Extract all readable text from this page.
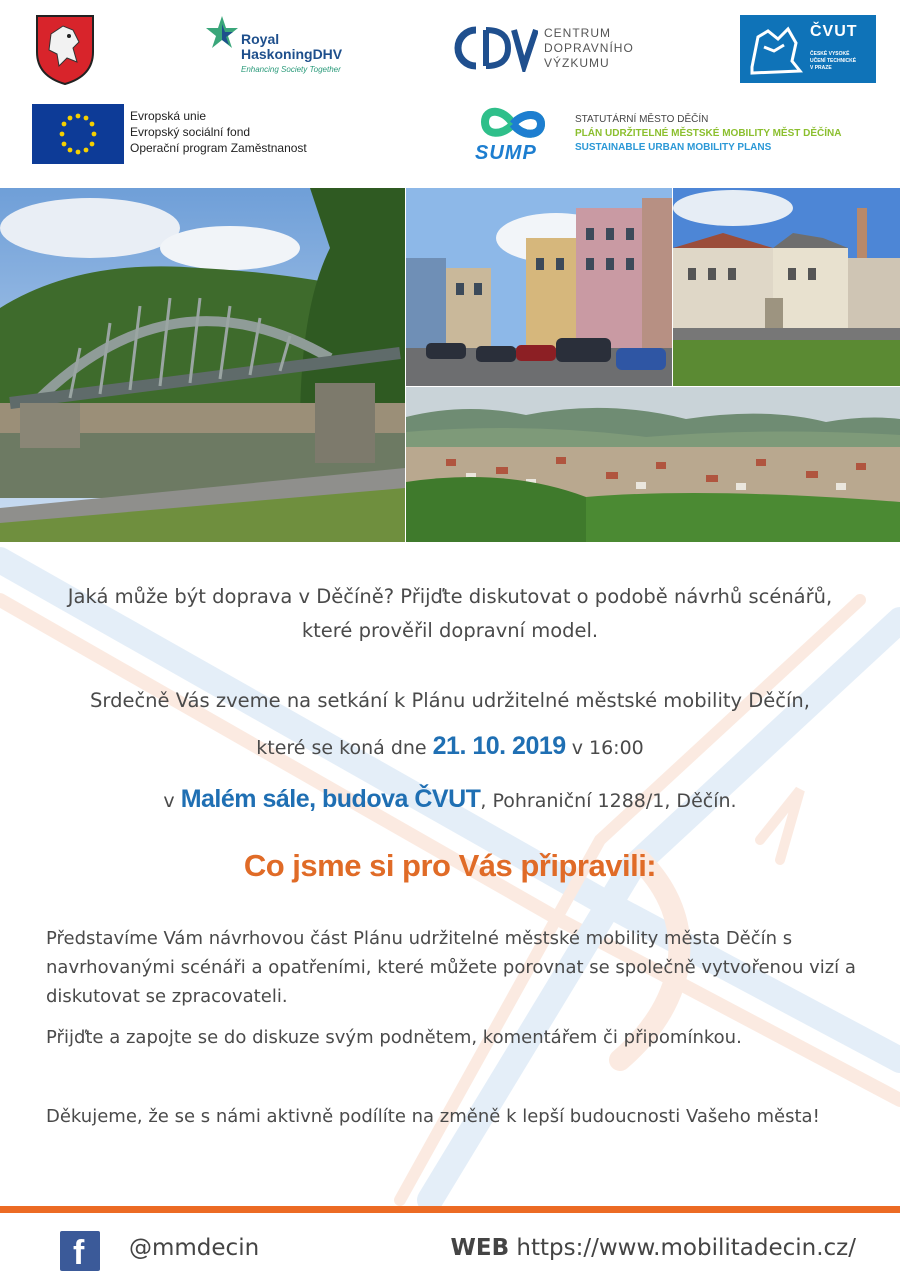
Royal
HaskoningDHV
Enhancing Society Together
CENTRUM
DOPRAVNÍHO
VÝZKUMU
ČVUT
ČESKÉ VYSOKÉ
UČENÍ TECHNICKÉ
V PRAZE
Evropská unie
Evropský sociální fond
Operační program Zaměstnanost	SUMP
STATUTÁRNÍ MĚSTO DĚČÍN
PLÁN UDRŽITELNÉ MĚSTSKÉ MOBILITY MĚST DĚČÍNA
SUSTAINABLE URBAN MOBILITY PLANS
Jaká může být doprava v Děčíně? Přijďte diskutovat o podobě návrhů scénářů, které prověřil dopravní model.
Srdečně Vás zveme na setkání k Plánu udržitelné městské mobility Děčín,
které se koná dne 21. 10. 2019 v 16:00
v Malém sále, budova ČVUT, Pohraniční 1288/1, Děčín.
Co jsme si pro Vás připravili:
Představíme Vám návrhovou část Plánu udržitelné městské mobility města Děčín s navrhovanými scénáři a opatřeními, které můžete porovnat se společně vytvořenou vizí a diskutovat se zpracovateli.
Přijďte a zapojte se do diskuze svým podnětem, komentářem či připomínkou.
Děkujeme, že se s námi aktivně podílíte na změně k lepší budoucnosti Vašeho města!
f @mmdecin	WEB https://www.mobilitadecin.cz/
